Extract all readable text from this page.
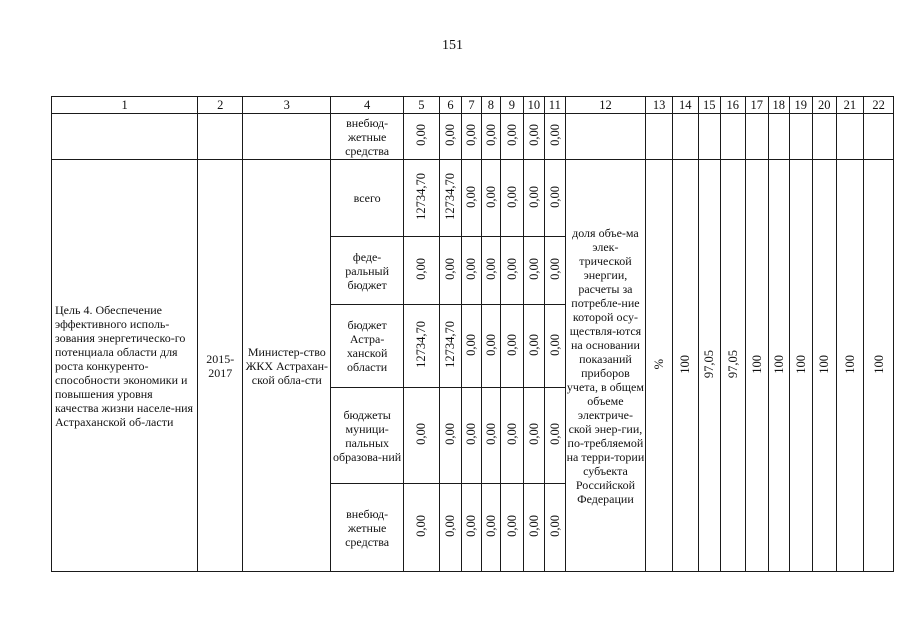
151
1	2	3	4	5	6	7	8	9	10	11	12	13	14	15	16	17	18	19	20	21	22
			внебюд-жетные средства	0,00	0,00	0,00	0,00	0,00	0,00	0,00											
Цель 4. Обеспечение эффективного исполь-зования энергетическо-го потенциала области для роста конкуренто-способности экономики и повышения уровня качества жизни населе-ния Астраханской об-ласти	2015-2017	Министер-ство ЖКХ Астрахан-ской обла-сти	всего	12734,70	12734,70	0,00	0,00	0,00	0,00	0,00	доля объе-ма элек-трической энергии, расчеты за потребле-ние которой осу-ществля-ются на основании показаний приборов учета, в общем объеме электриче-ской энер-гии, по-требляемой на терри-тории субъекта Российской Федерации	%	100	97,05	97,05	100	100	100	100	100	100
			феде-ральный бюджет	0,00	0,00	0,00	0,00	0,00	0,00	0,00											
			бюджет Астра-ханской области	12734,70	12734,70	0,00	0,00	0,00	0,00	0,00											
			бюджеты муници-пальных образова-ний	0,00	0,00	0,00	0,00	0,00	0,00	0,00											
			внебюд-жетные средства	0,00	0,00	0,00	0,00	0,00	0,00	0,00											
